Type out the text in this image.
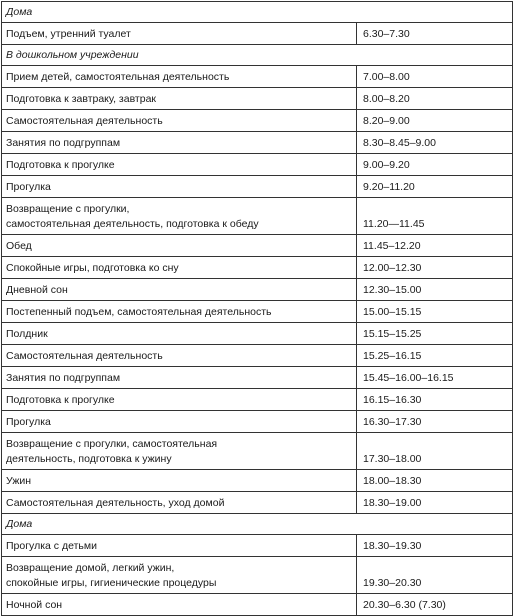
Дома	
Подъем, утренний туалет	6.30–7.30
В дошкольном учреждении	
Прием детей, самостоятельная деятельность	7.00–8.00
Подготовка к завтраку, завтрак	8.00–8.20
Самостоятельная деятельность	8.20–9.00
Занятия по подгруппам	8.30–8.45–9.00
Подготовка к прогулке	9.00–9.20
Прогулка	9.20–11.20
Возвращение с прогулки,
самостоятельная деятельность, подготовка к обеду	11.20—11.45
Обед	11.45–12.20
Спокойные игры, подготовка ко сну	12.00–12.30
Дневной сон	12.30–15.00
Постепенный подъем, самостоятельная деятельность	15.00–15.15
Полдник	15.15–15.25
Самостоятельная деятельность	15.25–16.15
Занятия по подгруппам	15.45–16.00–16.15
Подготовка к прогулке	16.15–16.30
Прогулка	16.30–17.30
Возвращение с прогулки, самостоятельная
деятельность, подготовка к ужину	17.30–18.00
Ужин	18.00–18.30
Самостоятельная деятельность, уход домой	18.30–19.00
Дома	
Прогулка с детьми	18.30–19.30
Возвращение домой, легкий ужин,
спокойные игры, гигиенические процедуры	19.30–20.30
Ночной сон	20.30–6.30 (7.30)
